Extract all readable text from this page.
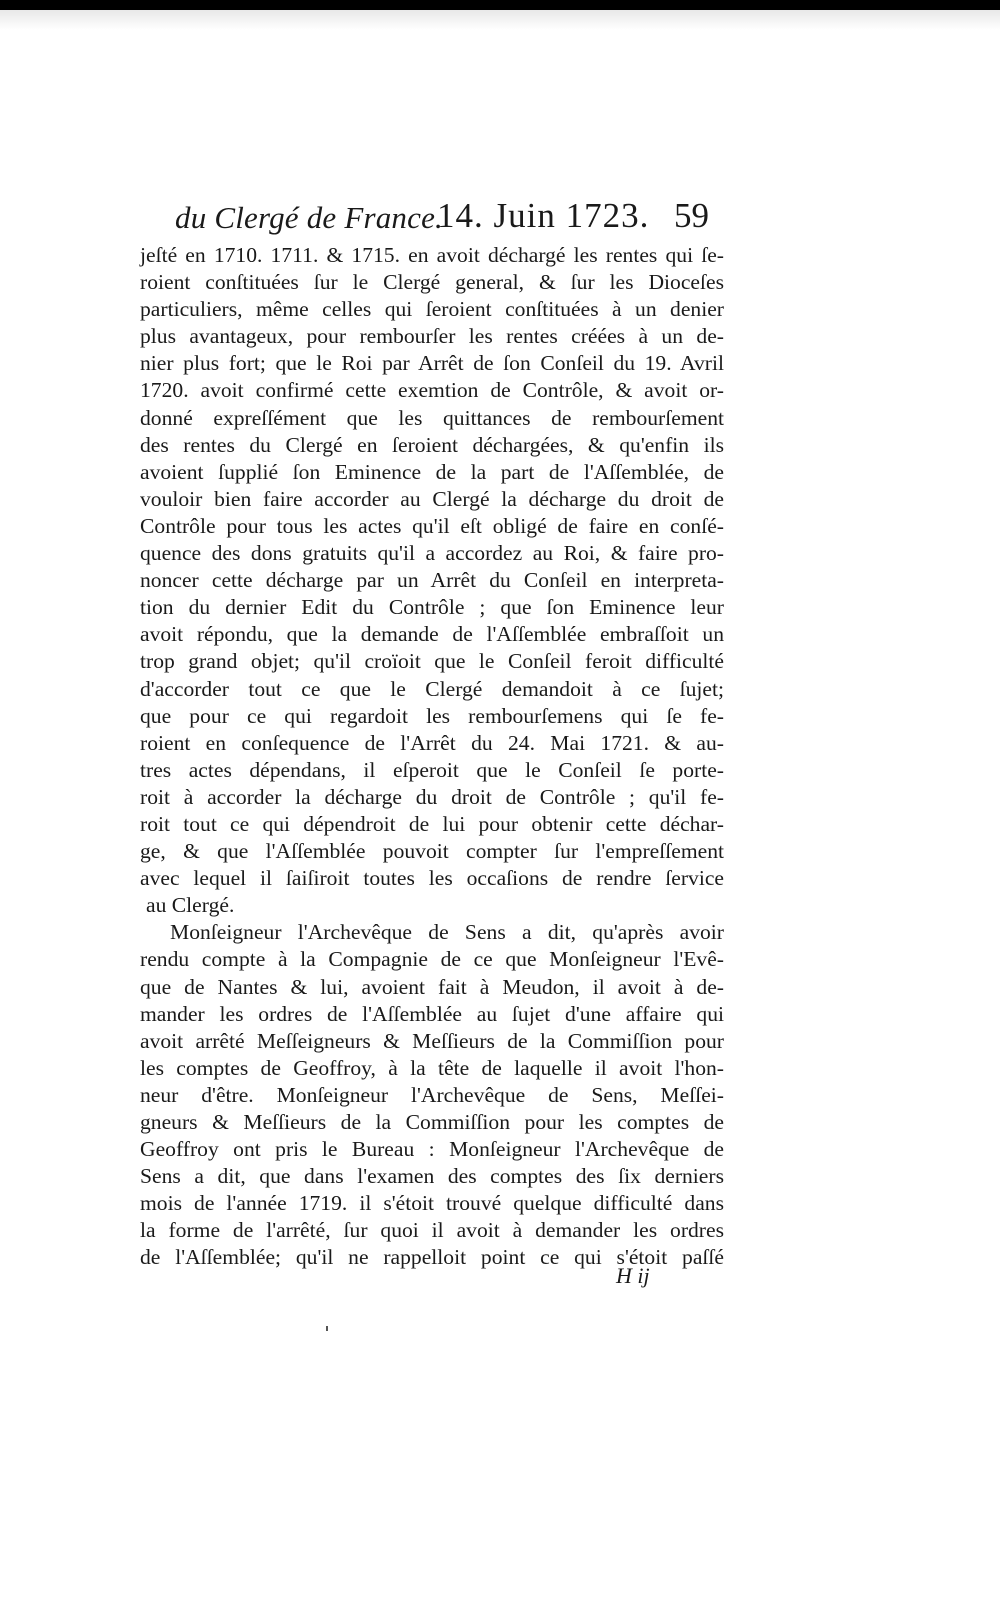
du Clergé de France.
14. Juin 1723. 59
jeſté en 1710. 1711. & 1715. en avoit déchargé les rentes qui ſe-
roient conſtituées ſur le Clergé general, & ſur les Dioceſes
particuliers, même celles qui ſeroient conſtituées à un denier
plus avantageux, pour rembourſer les rentes créées à un de-
nier plus fort; que le Roi par Arrêt de ſon Conſeil du 19. Avril
1720. avoit confirmé cette exemtion de Contrôle, & avoit or-
donné expreſſément que les quittances de rembourſement
des rentes du Clergé en ſeroient déchargées, & qu'enfin ils
avoient ſupplié ſon Eminence de la part de l'Aſſemblée, de
vouloir bien faire accorder au Clergé la décharge du droit de
Contrôle pour tous les actes qu'il eſt obligé de faire en conſé-
quence des dons gratuits qu'il a accordez au Roi, & faire pro-
noncer cette décharge par un Arrêt du Conſeil en interpreta-
tion du dernier Edit du Contrôle ; que ſon Eminence leur
avoit répondu, que la demande de l'Aſſemblée embraſſoit un
trop grand objet; qu'il croïoit que le Conſeil feroit difficulté
d'accorder tout ce que le Clergé demandoit à ce ſujet;
que pour ce qui regardoit les rembourſemens qui ſe fe-
roient en conſequence de l'Arrêt du 24. Mai 1721. & au-
tres actes dépendans, il eſperoit que le Conſeil ſe porte-
roit à accorder la décharge du droit de Contrôle ; qu'il fe-
roit tout ce qui dépendroit de lui pour obtenir cette déchar-
ge, & que l'Aſſemblée pouvoit compter ſur l'empreſſement
avec lequel il ſaiſiroit toutes les occaſions de rendre ſervice
au Clergé.
Monſeigneur l'Archevêque de Sens a dit, qu'après avoir
rendu compte à la Compagnie de ce que Monſeigneur l'Evê-
que de Nantes & lui, avoient fait à Meudon, il avoit à de-
mander les ordres de l'Aſſemblée au ſujet d'une affaire qui
avoit arrêté Meſſeigneurs & Meſſieurs de la Commiſſion pour
les comptes de Geoffroy, à la tête de laquelle il avoit l'hon-
neur d'être. Monſeigneur l'Archevêque de Sens, Meſſei-
gneurs & Meſſieurs de la Commiſſion pour les comptes de
Geoffroy ont pris le Bureau : Monſeigneur l'Archevêque de
Sens a dit, que dans l'examen des comptes des ſix derniers
mois de l'année 1719. il s'étoit trouvé quelque difficulté dans
la forme de l'arrêté, ſur quoi il avoit à demander les ordres
de l'Aſſemblée; qu'il ne rappelloit point ce qui s'étoit paſſé
H ij
